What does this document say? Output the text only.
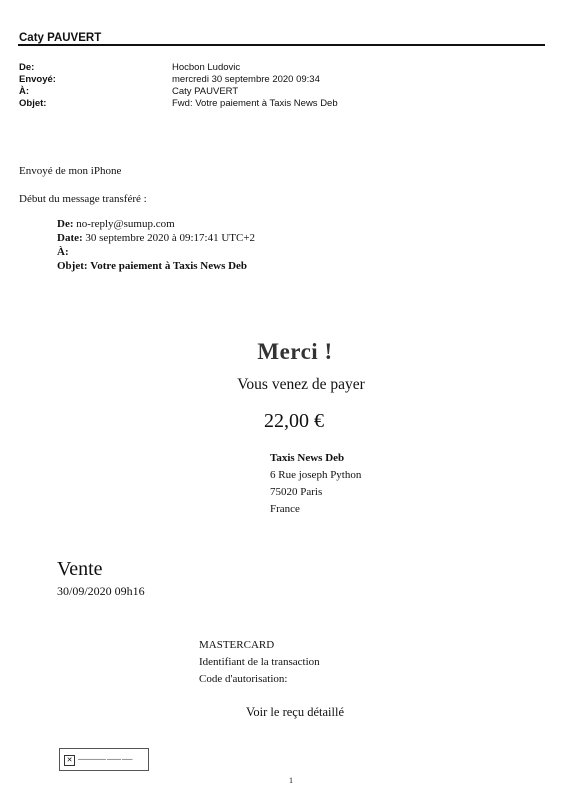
Caty PAUVERT
De:	Hocbon Ludovic
Envoyé:	mercredi 30 septembre 2020 09:34
À:	Caty PAUVERT
Objet:	Fwd: Votre paiement à Taxis News Deb
Envoyé de mon iPhone
Début du message transféré :
De: no-reply@sumup.com
Date: 30 septembre 2020 à 09:17:41 UTC+2
À:
Objet: Votre paiement à Taxis News Deb
Merci !
Vous venez de payer
22,00 €
Taxis News Deb
6 Rue joseph Python
75020 Paris
France
Vente
30/09/2020 09h16
MASTERCARD
Identifiant de la transaction
Code d'autorisation:
Voir le reçu détaillé
✕	▬▬▬▬▬▬▬▬ ▬▬▬▬ ▬▬▬
1
